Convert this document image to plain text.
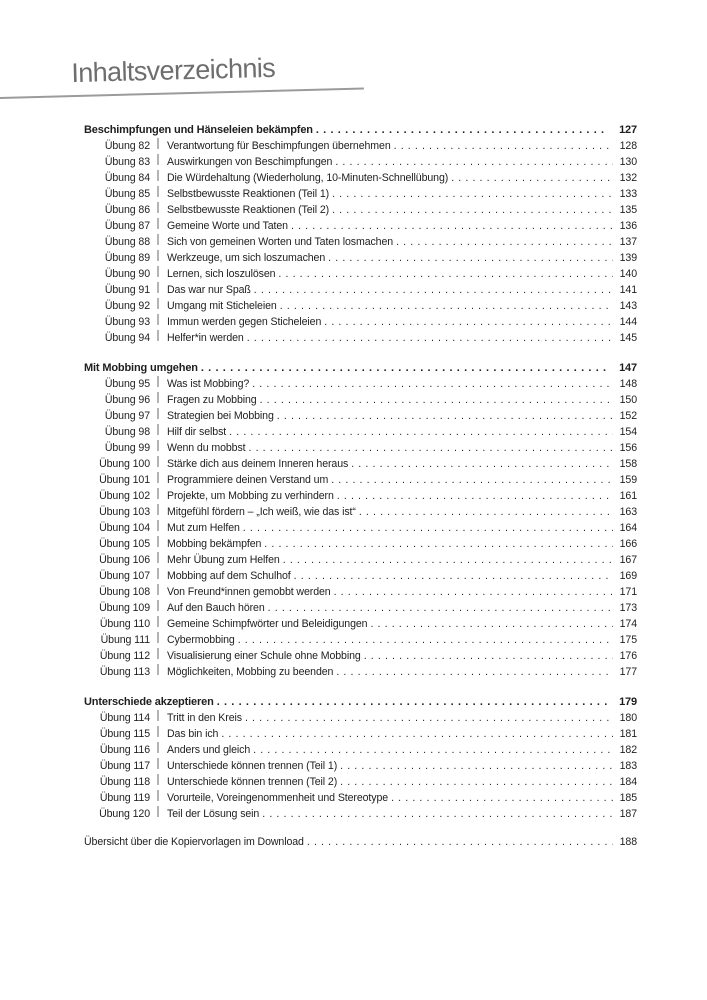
Inhaltsverzeichnis
Beschimpfungen und Hänseleien bekämpfen . . .	127
Übung 82 Verantwortung für Beschimpfungen übernehmen . . .	128
Übung 83 Auswirkungen von Beschimpfungen . . .	130
Übung 84 Die Würdehaltung (Wiederholung, 10-Minuten-Schnellübung) . . .	132
Übung 85 Selbstbewusste Reaktionen (Teil 1) . . .	133
Übung 86 Selbstbewusste Reaktionen (Teil 2) . . .	135
Übung 87 Gemeine Worte und Taten . . .	136
Übung 88 Sich von gemeinen Worten und Taten losmachen . . .	137
Übung 89 Werkzeuge, um sich loszumachen . . .	139
Übung 90 Lernen, sich loszulösen . . .	140
Übung 91 Das war nur Spaß . . .	141
Übung 92 Umgang mit Sticheleien . . .	143
Übung 93 Immun werden gegen Sticheleien . . .	144
Übung 94 Helfer*in werden . . .	145
Mit Mobbing umgehen . . .	147
Übung 95 Was ist Mobbing? . . .	148
Übung 96 Fragen zu Mobbing . . .	150
Übung 97 Strategien bei Mobbing . . .	152
Übung 98 Hilf dir selbst . . .	154
Übung 99 Wenn du mobbst . . .	156
Übung 100 Stärke dich aus deinem Inneren heraus . . .	158
Übung 101 Programmiere deinen Verstand um . . .	159
Übung 102 Projekte, um Mobbing zu verhindern . . .	161
Übung 103 Mitgefühl fördern – „Ich weiß, wie das ist“ . . .	163
Übung 104 Mut zum Helfen . . .	164
Übung 105 Mobbing bekämpfen . . .	166
Übung 106 Mehr Übung zum Helfen . . .	167
Übung 107 Mobbing auf dem Schulhof . . .	169
Übung 108 Von Freund*innen gemobbt werden . . .	171
Übung 109 Auf den Bauch hören . . .	173
Übung 110 Gemeine Schimpfwörter und Beleidigungen . . .	174
Übung 111 Cybermobbing . . .	175
Übung 112 Visualisierung einer Schule ohne Mobbing . . .	176
Übung 113 Möglichkeiten, Mobbing zu beenden . . .	177
Unterschiede akzeptieren . . .	179
Übung 114 Tritt in den Kreis . . .	180
Übung 115 Das bin ich . . .	181
Übung 116 Anders und gleich . . .	182
Übung 117 Unterschiede können trennen (Teil 1) . . .	183
Übung 118 Unterschiede können trennen (Teil 2) . . .	184
Übung 119 Vorurteile, Voreingenommenheit und Stereotype . . .	185
Übung 120 Teil der Lösung sein . . .	187
Übersicht über die Kopiervorlagen im Download . . .	188
